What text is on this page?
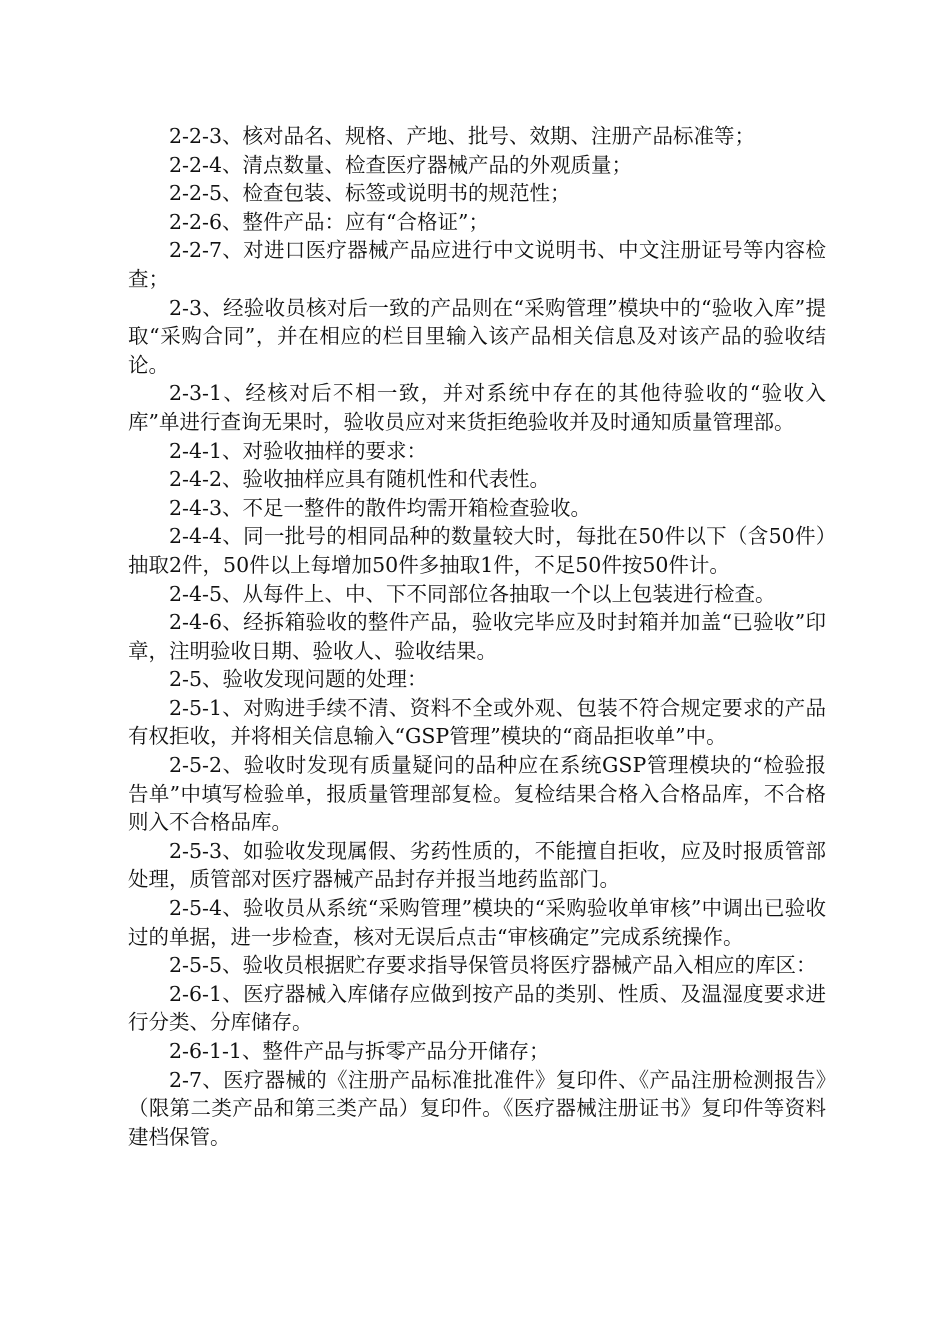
2-2-3、核对品名、规格、产地、批号、效期、注册产品标准等；

2-2-4、清点数量、检查医疗器械产品的外观质量；

2-2-5、检查包装、标签或说明书的规范性；

2-2-6、整件产品：应有“合格证”；

2-2-7、对进口医疗器械产品应进行中文说明书、中文注册证号等内容检查；

2-3、经验收员核对后一致的产品则在“采购管理”模块中的“验收入库”提取“采购合同”，并在相应的栏目里输入该产品相关信息及对该产品的验收结论。

2-3-1、经核对后不相一致，并对系统中存在的其他待验收的“验收入库”单进行查询无果时，验收员应对来货拒绝验收并及时通知质量管理部。

2-4-1、对验收抽样的要求：

2-4-2、验收抽样应具有随机性和代表性。

2-4-3、不足一整件的散件均需开箱检查验收。

2-4-4、同一批号的相同品种的数量较大时，每批在50件以下（含50件）抽取2件，50件以上每增加50件多抽取1件，不足50件按50件计。

2-4-5、从每件上、中、下不同部位各抽取一个以上包装进行检查。

2-4-6、经拆箱验收的整件产品，验收完毕应及时封箱并加盖“已验收”印章，注明验收日期、验收人、验收结果。

2-5、验收发现问题的处理：

2-5-1、对购进手续不清、资料不全或外观、包装不符合规定要求的产品有权拒收，并将相关信息输入“GSP管理”模块的“商品拒收单”中。

2-5-2、验收时发现有质量疑问的品种应在系统GSP管理模块的“检验报告单”中填写检验单，报质量管理部复检。复检结果合格入合格品库，不合格则入不合格品库。

2-5-3、如验收发现属假、劣药性质的，不能擅自拒收，应及时报质管部处理，质管部对医疗器械产品封存并报当地药监部门。

2-5-4、验收员从系统“采购管理”模块的“采购验收单审核”中调出已验收过的单据，进一步检查，核对无误后点击“审核确定”完成系统操作。

2-5-5、验收员根据贮存要求指导保管员将医疗器械产品入相应的库区：

2-6-1、医疗器械入库储存应做到按产品的类别、性质、及温湿度要求进行分类、分库储存。

2-6-1-1、整件产品与拆零产品分开储存；

2-7、医疗器械的《注册产品标准批准件》复印件、《产品注册检测报告》（限第二类产品和第三类产品）复印件。《医疗器械注册证书》复印件等资料建档保管。
